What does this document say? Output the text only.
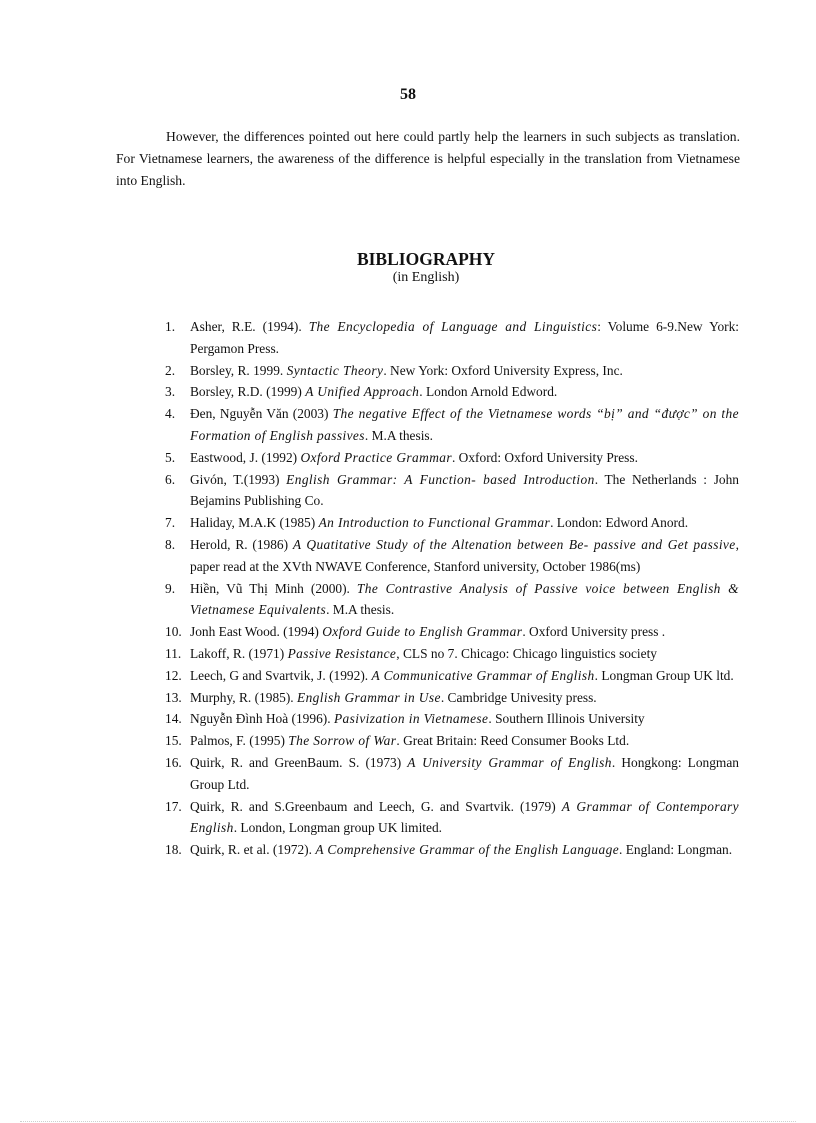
58

However, the differences pointed out here could partly help the learners in such subjects as translation. For Vietnamese learners, the awareness of the difference is helpful especially in the translation from Vietnamese into English.

BIBLIOGRAPHY
(in English)
1.	Asher, R.E. (1994). The Encyclopedia of Language and Linguistics: Volume 6-9.New York: Pergamon Press.
2.	Borsley, R. 1999. Syntactic Theory. New York: Oxford University Express, Inc.
3.	Borsley, R.D. (1999) A Unified Approach. London Arnold Edword.
4.	Đen, Nguyễn Văn (2003) The negative Effect of the Vietnamese words “bị” and “được” on the Formation of English passives. M.A thesis.
5.	Eastwood, J. (1992) Oxford Practice Grammar. Oxford: Oxford University Press.
6.	Givón, T.(1993) English Grammar: A Function- based Introduction. The Netherlands : John Bejamins Publishing Co.
7.	Haliday, M.A.K (1985) An Introduction to Functional Grammar. London: Edword Anord.
8.	Herold, R. (1986) A Quatitative Study of the Altenation between Be- passive and Get passive, paper read at the XVth NWAVE Conference, Stanford university, October 1986(ms)
9.	Hiền, Vũ Thị Minh (2000). The Contrastive Analysis of Passive voice between English & Vietnamese Equivalents. M.A thesis.
10. Jonh East Wood. (1994) Oxford Guide to English Grammar. Oxford University press .
11. Lakoff, R. (1971) Passive Resistance, CLS no 7. Chicago: Chicago linguistics society
12. Leech, G and Svartvik, J. (1992). A Communicative Grammar of English. Longman Group UK ltd.
13. Murphy, R. (1985). English Grammar in Use. Cambridge Univesity press.
14. Nguyễn Đình Hoà (1996). Pasivization in Vietnamese. Southern Illinois University
15. Palmos, F. (1995) The Sorrow of War. Great Britain: Reed Consumer Books Ltd.
16. Quirk, R. and GreenBaum. S. (1973) A University Grammar of English. Hongkong: Longman Group Ltd.
17. Quirk, R. and S.Greenbaum and Leech, G. and Svartvik. (1979) A Grammar of Contemporary English. London, Longman group UK limited.
18. Quirk, R. et al. (1972). A Comprehensive Grammar of the English Language. England: Longman.
